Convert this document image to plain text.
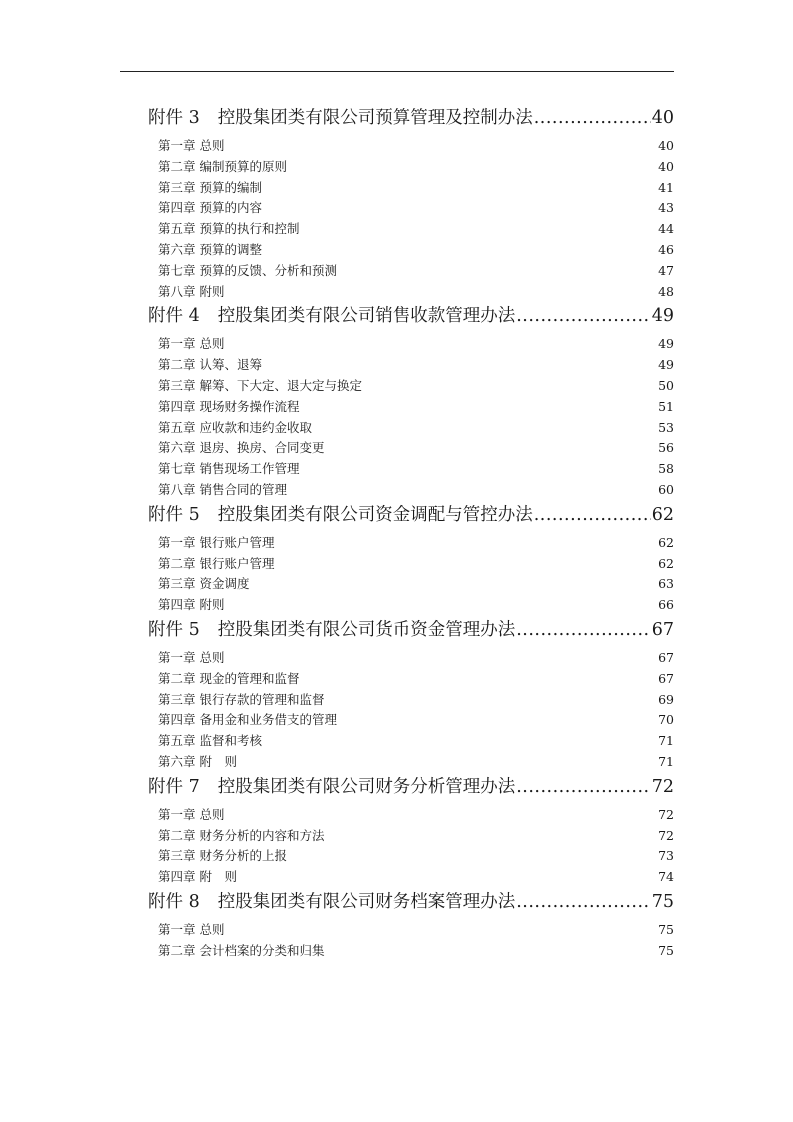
附件 3 控股集团类有限公司预算管理及控制办法 .....	40
第一章 总则	40
第二章 编制预算的原则	40
第三章 预算的编制	41
第四章 预算的内容	43
第五章 预算的执行和控制	44
第六章 预算的调整	46
第七章 预算的反馈、分析和预测	47
第八章 附则	48
附件 4 控股集团类有限公司销售收款管理办法 .....	49
第一章 总则	49
第二章 认筹、退筹	49
第三章 解筹、下大定、退大定与换定	50
第四章 现场财务操作流程	51
第五章 应收款和违约金收取	53
第六章 退房、换房、合同变更	56
第七章 销售现场工作管理	58
第八章 销售合同的管理	60
附件 5 控股集团类有限公司资金调配与管控办法 .....	62
第一章 银行账户管理	62
第二章 银行账户管理	62
第三章 资金调度	63
第四章 附则	66
附件 5 控股集团类有限公司货币资金管理办法 .....	67
第一章 总则	67
第二章 现金的管理和监督	67
第三章 银行存款的管理和监督	69
第四章 备用金和业务借支的管理	70
第五章 监督和考核	71
第六章 附　则	71
附件 7 控股集团类有限公司财务分析管理办法 .....	72
第一章 总则	72
第二章 财务分析的内容和方法	72
第三章 财务分析的上报	73
第四章 附　则	74
附件 8 控股集团类有限公司财务档案管理办法 .....	75
第一章 总则	75
第二章 会计档案的分类和归集	75
